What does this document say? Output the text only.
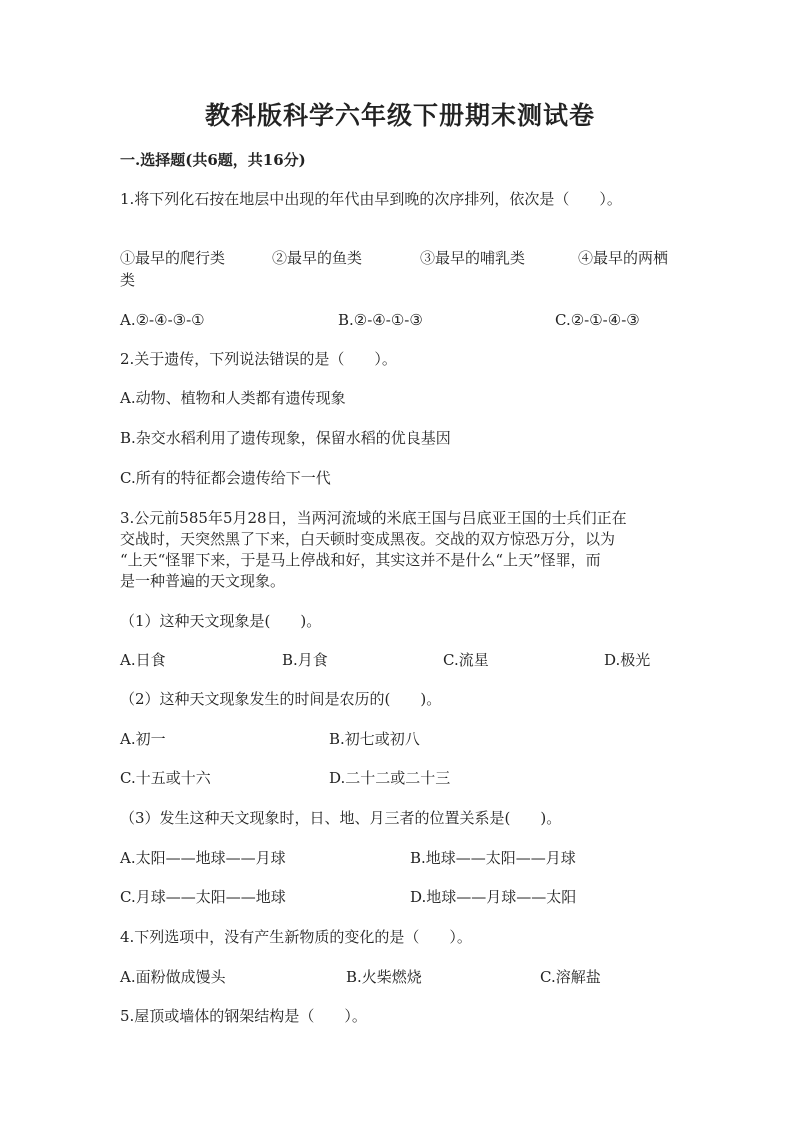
教科版科学六年级下册期末测试卷
一.选择题(共6题，共16分)
1.将下列化石按在地层中出现的年代由早到晚的次序排列，依次是（　　）。
①最早的爬行类	②最早的鱼类	③最早的哺乳类	④最早的两栖
类
A.②-④-③-①	B.②-④-①-③	C.②-①-④-③
2.关于遗传，下列说法错误的是（　　）。
A.动物、植物和人类都有遗传现象
B.杂交水稻利用了遗传现象，保留水稻的优良基因
C.所有的特征都会遗传给下一代
3.公元前585年5月28日，当两河流域的米底王国与吕底亚王国的士兵们正在
交战时，天突然黑了下来，白天顿时变成黑夜。交战的双方惊恐万分，以为
“上天“怪罪下来，于是马上停战和好，其实这并不是什么“上天”怪罪，而
是一种普遍的天文现象。
（1）这种天文现象是(　　)。
A.日食	B.月食	C.流星	D.极光
（2）这种天文现象发生的时间是农历的(　　)。
A.初一	B.初七或初八
C.十五或十六	D.二十二或二十三
（3）发生这种天文现象时，日、地、月三者的位置关系是(　　)。
A.太阳——地球——月球	B.地球——太阳——月球
C.月球——太阳——地球	D.地球——月球——太阳
4.下列选项中，没有产生新物质的变化的是（　　）。
A.面粉做成馒头	B.火柴燃烧	C.溶解盐
5.屋顶或墙体的钢架结构是（　　）。
